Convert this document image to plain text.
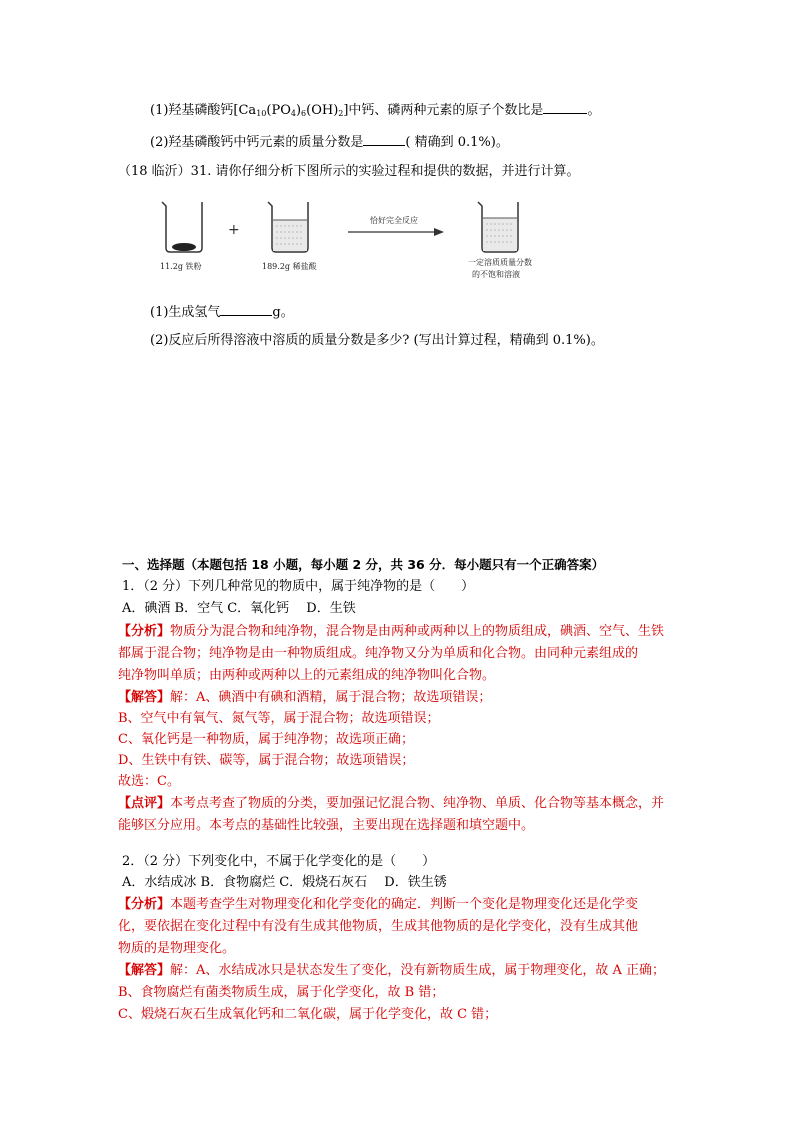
(1)羟基磷酸钙$[Ca_{10}(PO_4)_6(OH)_2]$中钙、磷两种元素的原子个数比是	。
(2)羟基磷酸钙中钙元素的质量分数是	( 精确到 0.1%)。
（18 临沂）31. 请你仔细分析下图所示的实验过程和提供的数据，并进行计算。
+
11.2g 铁粉	189.2g 稀盐酸
恰好完全反应
一定溶质质量分数
的不饱和溶液
(1)生成氢气	g。
(2)反应后所得溶液中溶质的质量分数是多少? (写出计算过程，精确到 0.1%)。
一、选择题（本题包括 18 小题，每小题 2 分，共 36 分．每小题只有一个正确答案）
1．（2 分）下列几种常见的物质中，属于纯净物的是（　　）
A．碘酒 B．空气 C．氧化钙　 D．生铁
【分析】物质分为混合物和纯净物，混合物是由两种或两种以上的物质组成，碘酒、空气、生铁
都属于混合物；纯净物是由一种物质组成。纯净物又分为单质和化合物。由同种元素组成的
纯净物叫单质；由两种或两种以上的元素组成的纯净物叫化合物。
【解答】解：A、碘酒中有碘和酒精，属于混合物；故选项错误；
B、空气中有氧气、氮气等，属于混合物；故选项错误；
C、氧化钙是一种物质，属于纯净物；故选项正确；
D、生铁中有铁、碳等，属于混合物；故选项错误；
故选：C。
【点评】本考点考查了物质的分类，要加强记忆混合物、纯净物、单质、化合物等基本概念，并
能够区分应用。本考点的基础性比较强，主要出现在选择题和填空题中。
2．（2 分）下列变化中，不属于化学变化的是（　　）
A．水结成冰 B．食物腐烂 C．煅烧石灰石　 D．铁生锈
【分析】本题考查学生对物理变化和化学变化的确定．判断一个变化是物理变化还是化学变
化，要依据在变化过程中有没有生成其他物质，生成其他物质的是化学变化，没有生成其他
物质的是物理变化。
【解答】解：A、水结成冰只是状态发生了变化，没有新物质生成，属于物理变化，故 A 正确；
B、食物腐烂有菌类物质生成，属于化学变化，故 B 错；
C、煅烧石灰石生成氧化钙和二氧化碳，属于化学变化，故 C 错；
